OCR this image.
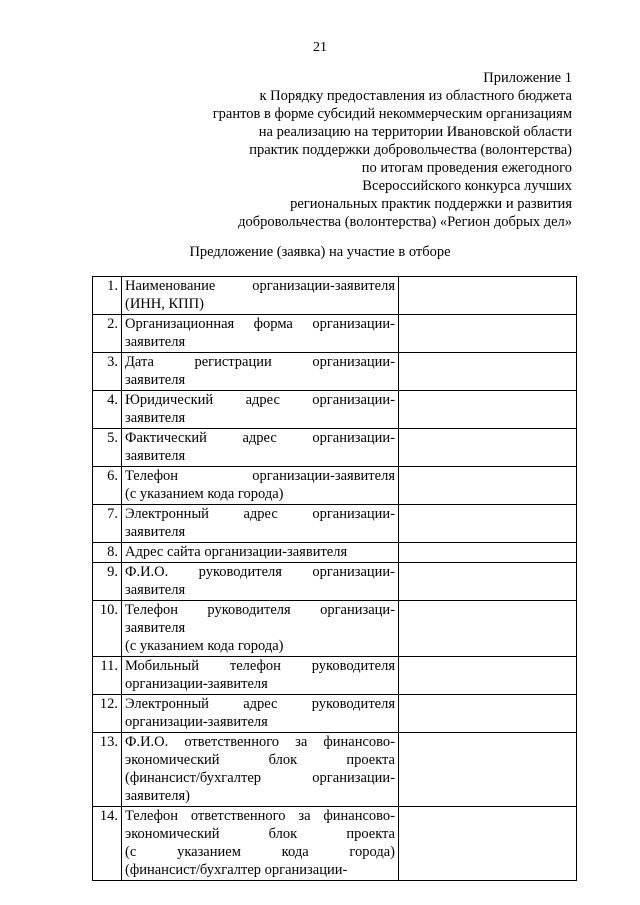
21
Приложение 1
к Порядку предоставления из областного бюджета
грантов в форме субсидий некоммерческим организациям
на реализацию на территории Ивановской области
практик поддержки добровольчества (волонтерства)
по итогам проведения ежегодного
Всероссийского конкурса лучших
региональных практик поддержки и развития
добровольчества (волонтерства) «Регион добрых дел»
Предложение (заявка) на участие в отборе
1.	Наименование организации-заявителя
(ИНН, КПП)	

2.	Организационная форма организации-
заявителя	

3.	Дата регистрации организации-
заявителя	

4.	Юридический адрес организации-
заявителя	

5.	Фактический адрес организации-
заявителя	

6.	Телефон организации-заявителя
(с указанием кода города)	

7.	Электронный адрес организации-
заявителя	

8.	Адрес сайта организации-заявителя	

9.	Ф.И.О. руководителя организации-
заявителя	

10.	Телефон руководителя организаци-
заявителя
(с указанием кода города)	

11.	Мобильный телефон руководителя
организации-заявителя	

12.	Электронный адрес руководителя
организации-заявителя	

13.	Ф.И.О. ответственного за финансово-
экономический блок проекта
(финансист/бухгалтер организации-
заявителя)	

14.	Телефон ответственного за финансово-
экономический блок проекта
(с указанием кода города)
(финансист/бухгалтер организации-	
